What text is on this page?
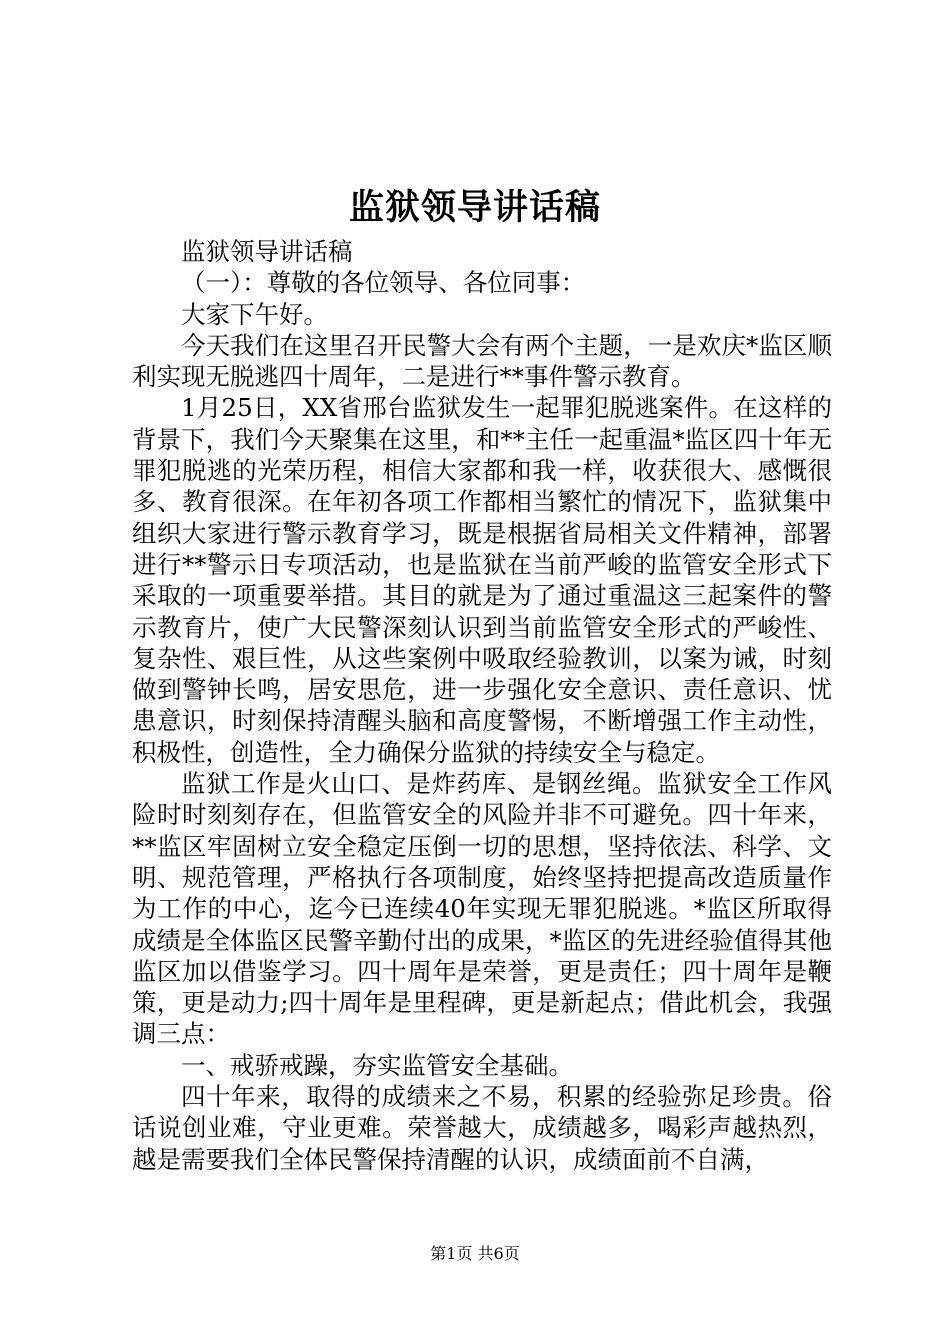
监狱领导讲话稿

监狱领导讲话稿

（一）：尊敬的各位领导、各位同事：

大家下午好。

今天我们在这里召开民警大会有两个主题，一是欢庆*监区顺利实现无脱逃四十周年，二是进行**事件警示教育。

1月25日，XX省邢台监狱发生一起罪犯脱逃案件。在这样的背景下，我们今天聚集在这里，和**主任一起重温*监区四十年无罪犯脱逃的光荣历程，相信大家都和我一样，收获很大、感慨很多、教育很深。在年初各项工作都相当繁忙的情况下，监狱集中组织大家进行警示教育学习，既是根据省局相关文件精神，部署进行**警示日专项活动，也是监狱在当前严峻的监管安全形式下采取的一项重要举措。其目的就是为了通过重温这三起案件的警示教育片，使广大民警深刻认识到当前监管安全形式的严峻性、复杂性、艰巨性，从这些案例中吸取经验教训，以案为诫，时刻做到警钟长鸣，居安思危，进一步强化安全意识、责任意识、忧患意识，时刻保持清醒头脑和高度警惕，不断增强工作主动性，积极性，创造性，全力确保分监狱的持续安全与稳定。

监狱工作是火山口、是炸药库、是钢丝绳。监狱安全工作风险时时刻刻存在，但监管安全的风险并非不可避免。四十年来，**监区牢固树立安全稳定压倒一切的思想，坚持依法、科学、文明、规范管理，严格执行各项制度，始终坚持把提高改造质量作为工作的中心，迄今已连续40年实现无罪犯脱逃。*监区所取得成绩是全体监区民警辛勤付出的成果，*监区的先进经验值得其他监区加以借鉴学习。四十周年是荣誉，更是责任；四十周年是鞭策，更是动力;四十周年是里程碑，更是新起点；借此机会，我强调三点：

一、戒骄戒躁，夯实监管安全基础。

四十年来，取得的成绩来之不易，积累的经验弥足珍贵。俗话说创业难，守业更难。荣誉越大，成绩越多，喝彩声越热烈，越是需要我们全体民警保持清醒的认识，成绩面前不自满，

第1页 共6页
